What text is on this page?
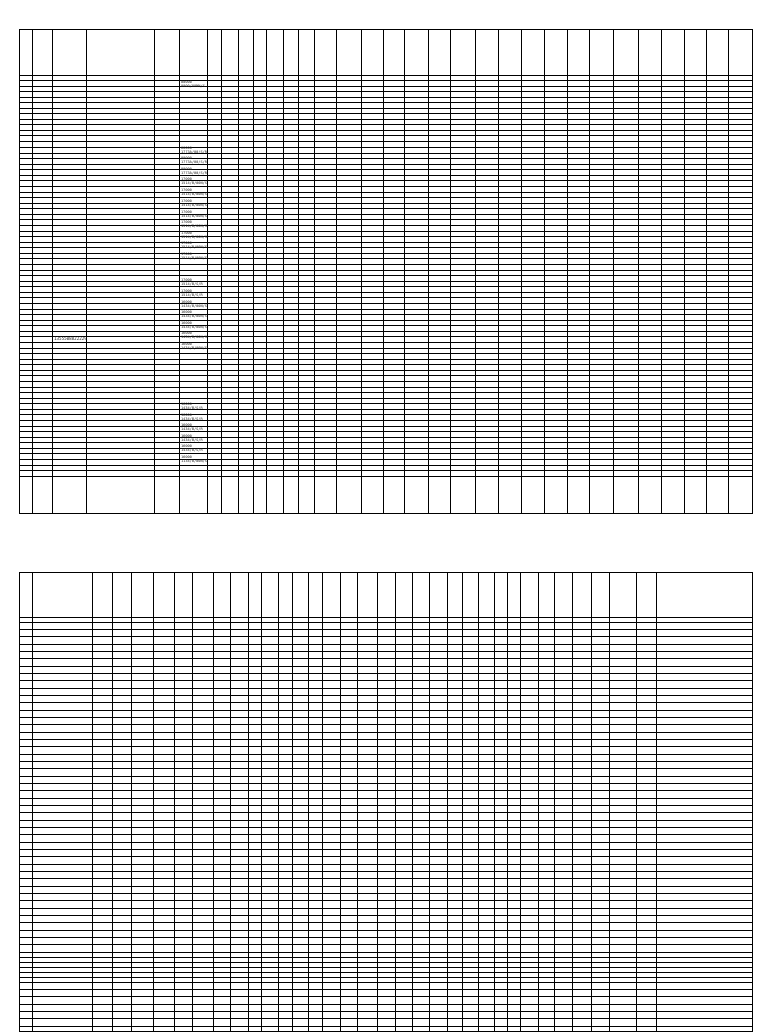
1355508822229
00000
0000/00NN/S
00000
1773A/00/S/R
00000
1773A/00/S/R
00000
1773A/00/S/R
17000
1514/B/00N/S
17000
1514/B/00N/S
17000
1514/B/00N/S
17000
1514/B/00N/S
17000
1514/B/00N/S
17000
1514/B/00N/S
17000
1514/B/00N/S
17000
1514/B/00N/S
17000
1514/B/S/R
17000
1514/B/S/R
16000
1434/B/00N/S
16000
1434/B/00N/S
16000
1434/B/00N/S
16000
1434/B/00N/S
16000
1434/B/00N/S
16000
1434/B/S/R
16000
1434/B/S/R
16000
1434/B/S/R
16000
1434/B/S/R
16000
1434/B/S/R
16000
1134/B/00N/S
